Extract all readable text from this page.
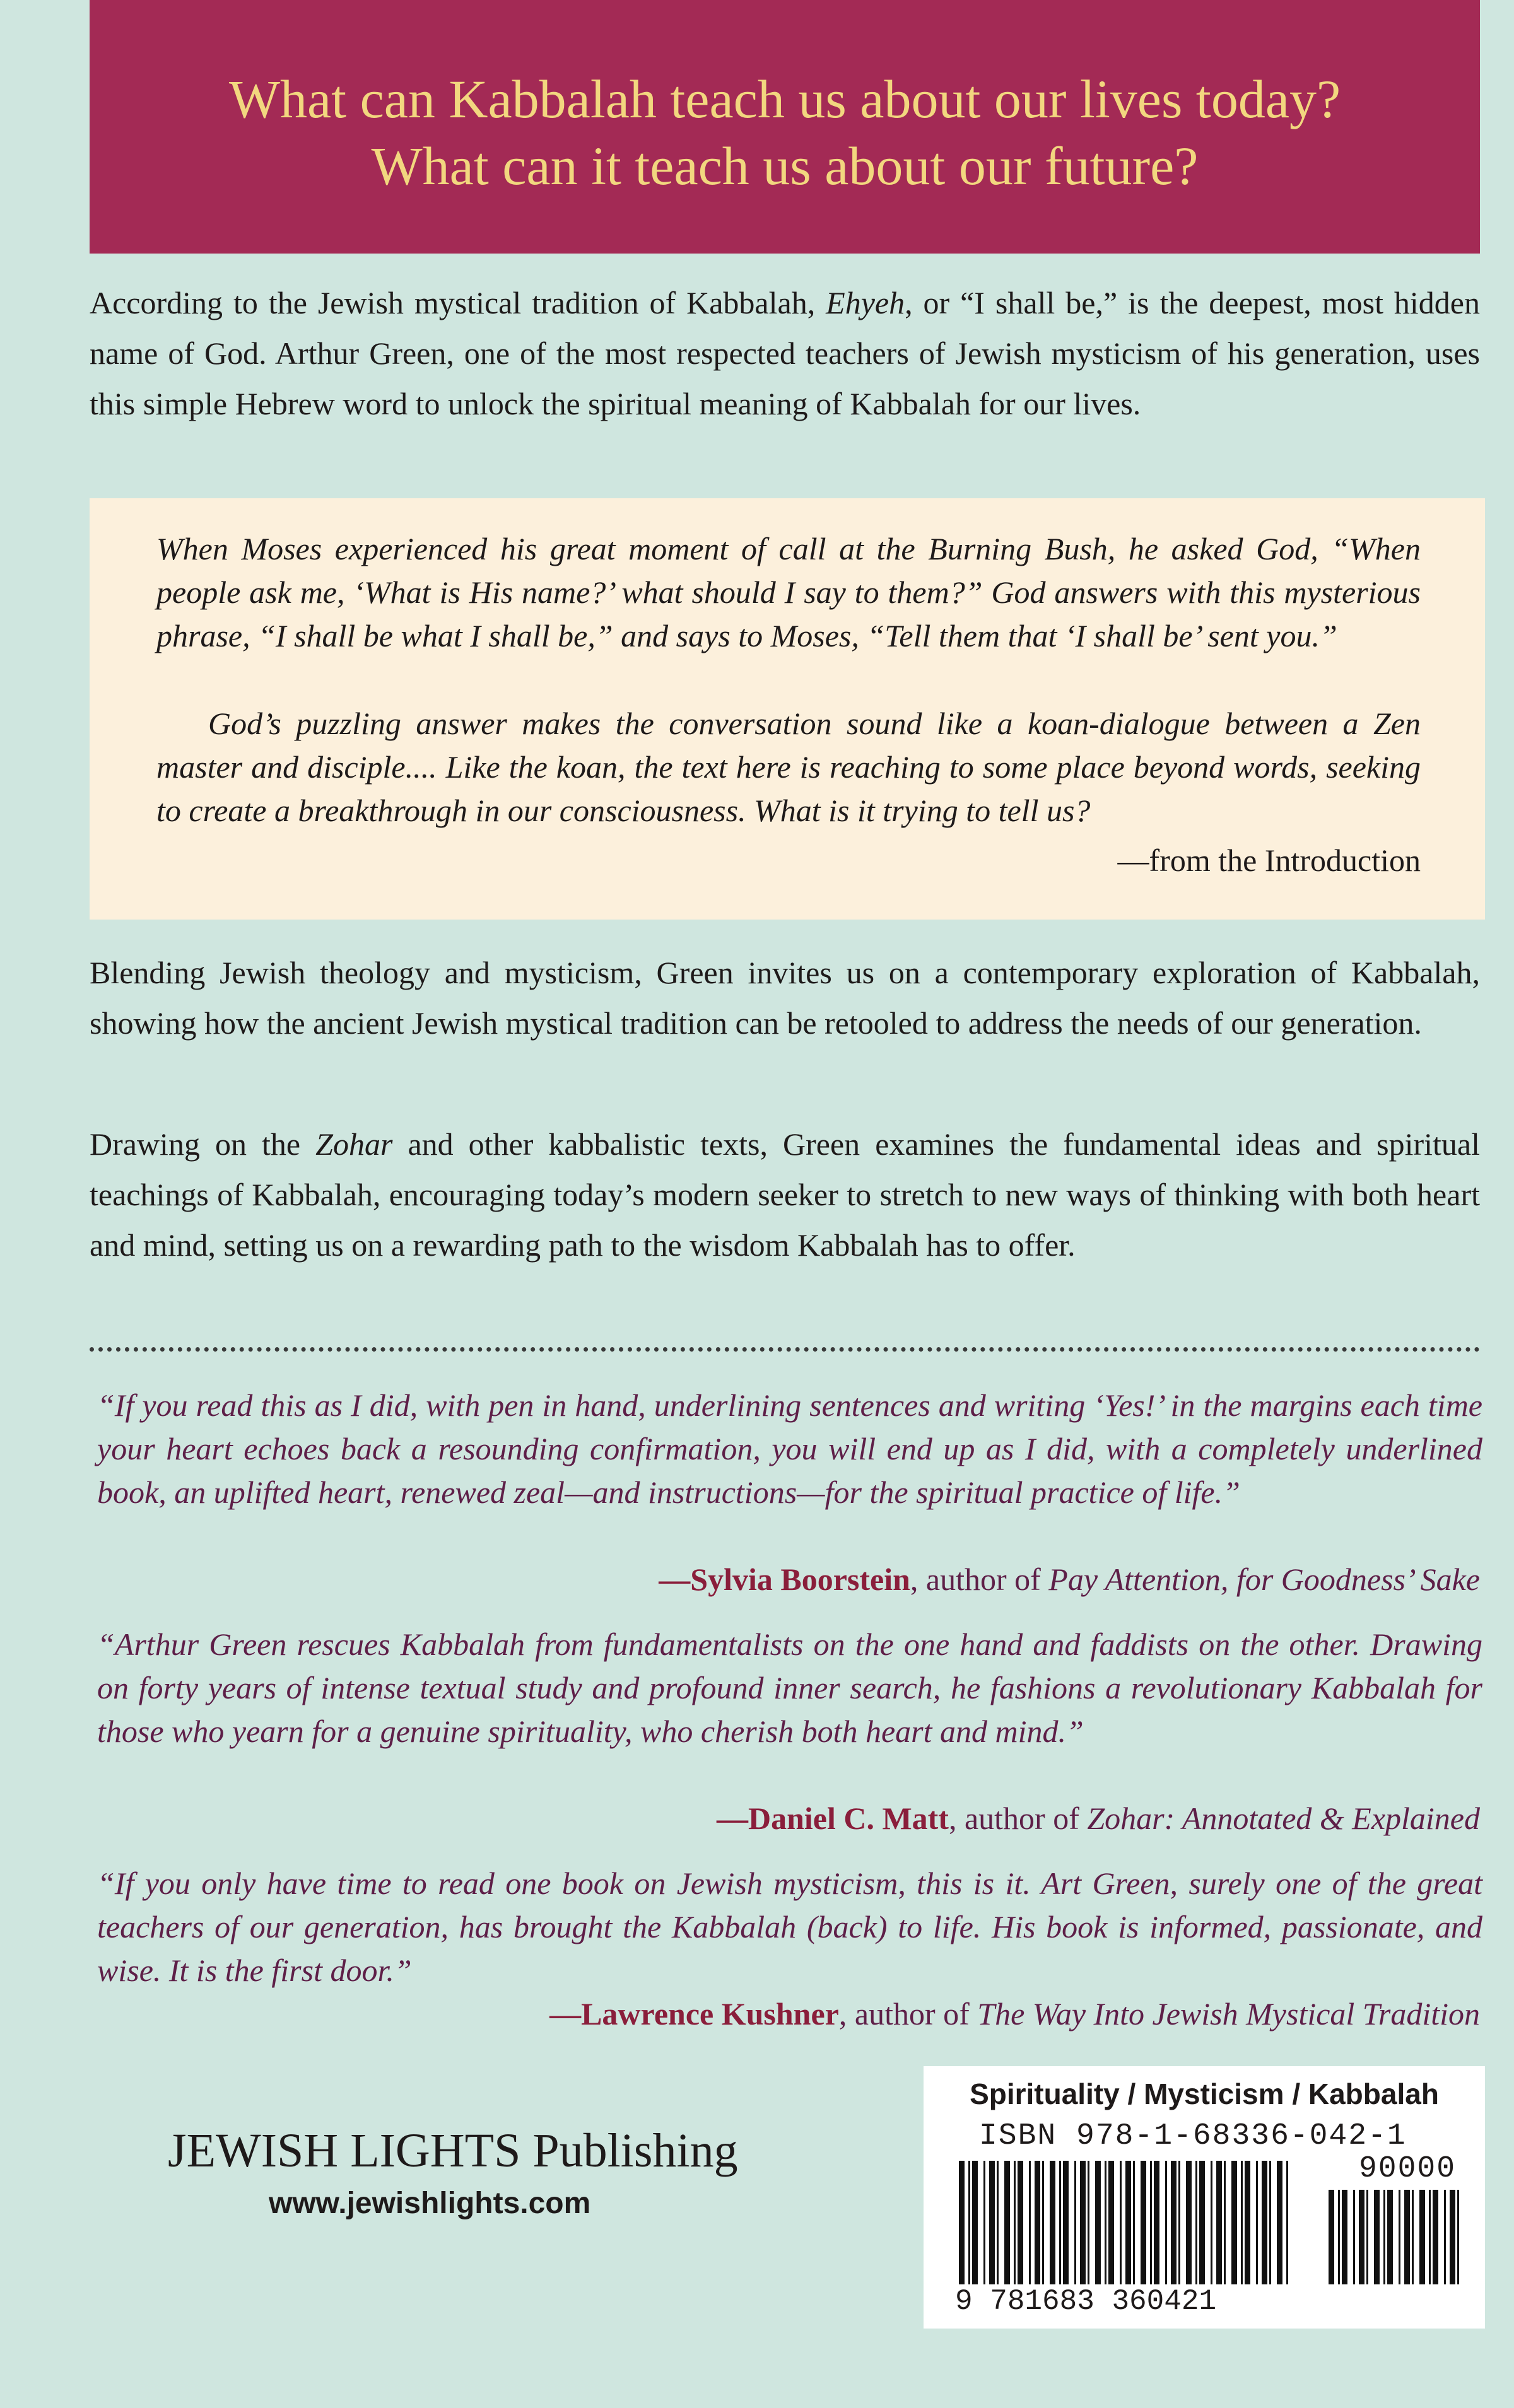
What can Kabbalah teach us about our lives today?
What can it teach us about our future?

According to the Jewish mystical tradition of Kabbalah, Ehyeh, or “I shall be,” is the deepest, most hidden name of God. Arthur Green, one of the most respected teachers of Jewish mysticism of his generation, uses this simple Hebrew word to unlock the spiritual meaning of Kabbalah for our lives.

When Moses experienced his great moment of call at the Burning Bush, he asked God, “When people ask me, ‘What is His name?’ what should I say to them?” God answers with this mysterious phrase, “I shall be what I shall be,” and says to Moses, “Tell them that ‘I shall be’ sent you.”

God’s puzzling answer makes the conversation sound like a koan-dialogue between a Zen master and disciple.... Like the koan, the text here is reaching to some place beyond words, seeking to create a breakthrough in our consciousness. What is it trying to tell us?

—from the Introduction

Blending Jewish theology and mysticism, Green invites us on a contemporary exploration of Kabbalah, showing how the ancient Jewish mystical tradition can be retooled to address the needs of our generation.

Drawing on the Zohar and other kabbalistic texts, Green examines the fundamental ideas and spiritual teachings of Kabbalah, encouraging today’s modern seeker to stretch to new ways of thinking with both heart and mind, setting us on a rewarding path to the wisdom Kabbalah has to offer.

“If you read this as I did, with pen in hand, underlining sentences and writing ‘Yes!’ in the margins each time your heart echoes back a resounding confirmation, you will end up as I did, with a completely underlined book, an uplifted heart, renewed zeal—and instructions—for the spiritual practice of life.”

—Sylvia Boorstein, author of Pay Attention, for Goodness’ Sake

“Arthur Green rescues Kabbalah from fundamentalists on the one hand and faddists on the other. Drawing on forty years of intense textual study and profound inner search, he fashions a revolutionary Kabbalah for those who yearn for a genuine spirituality, who cherish both heart and mind.”

—Daniel C. Matt, author of Zohar: Annotated & Explained

“If you only have time to read one book on Jewish mysticism, this is it. Art Green, surely one of the great teachers of our generation, has brought the Kabbalah (back) to life. His book is informed, passionate, and wise. It is the first door.”

—Lawrence Kushner, author of The Way Into Jewish Mystical Tradition
JEWISH LIGHTS Publishing
www.jewishlights.com
Spirituality / Mysticism / Kabbalah
ISBN 978-1-68336-042-1
90000
9 781683 360421
